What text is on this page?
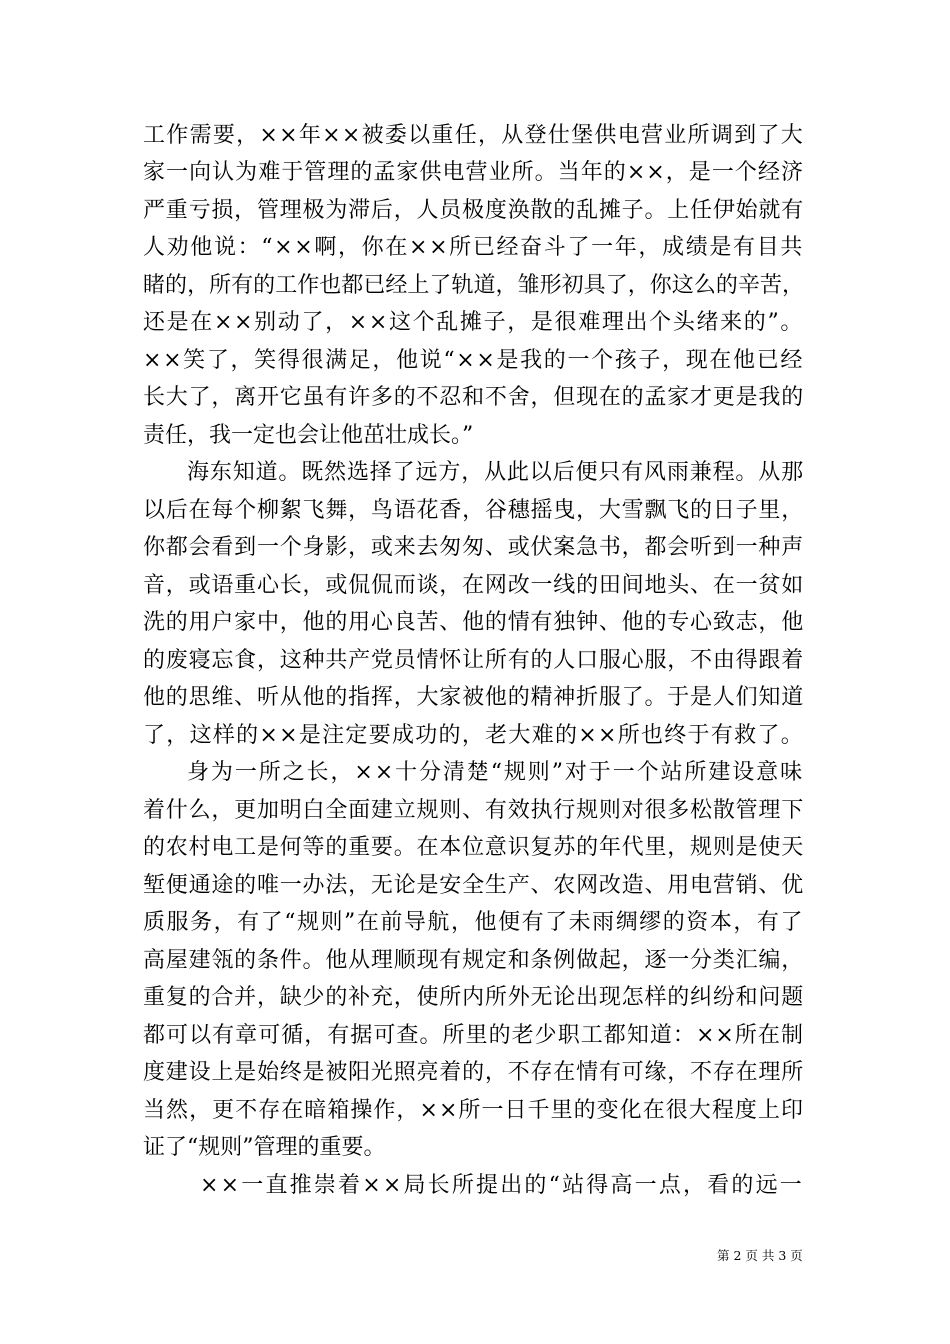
工作需要，××年××被委以重任，从登仕堡供电营业所调到了大
家一向认为难于管理的孟家供电营业所。当年的××，是一个经济
严重亏损，管理极为滞后，人员极度涣散的乱摊子。上任伊始就有
人劝他说：“××啊，你在××所已经奋斗了一年，成绩是有目共
睹的，所有的工作也都已经上了轨道，雏形初具了，你这么的辛苦，
还是在××别动了，××这个乱摊子，是很难理出个头绪来的”。
××笑了，笑得很满足，他说“××是我的一个孩子，现在他已经
长大了，离开它虽有许多的不忍和不舍，但现在的孟家才更是我的
责任，我一定也会让他茁壮成长。”
海东知道。既然选择了远方，从此以后便只有风雨兼程。从那
以后在每个柳絮飞舞，鸟语花香，谷穗摇曳，大雪飘飞的日子里，
你都会看到一个身影，或来去匆匆、或伏案急书，都会听到一种声
音，或语重心长，或侃侃而谈，在网改一线的田间地头、在一贫如
洗的用户家中，他的用心良苦、他的情有独钟、他的专心致志，他
的废寝忘食，这种共产党员情怀让所有的人口服心服，不由得跟着
他的思维、听从他的指挥，大家被他的精神折服了。于是人们知道
了，这样的××是注定要成功的，老大难的××所也终于有救了。
身为一所之长，××十分清楚“规则”对于一个站所建设意味
着什么，更加明白全面建立规则、有效执行规则对很多松散管理下
的农村电工是何等的重要。在本位意识复苏的年代里，规则是使天
堑便通途的唯一办法，无论是安全生产、农网改造、用电营销、优
质服务，有了“规则”在前导航，他便有了未雨绸缪的资本，有了
高屋建瓴的条件。他从理顺现有规定和条例做起，逐一分类汇编，
重复的合并，缺少的补充，使所内所外无论出现怎样的纠纷和问题
都可以有章可循，有据可查。所里的老少职工都知道：××所在制
度建设上是始终是被阳光照亮着的，不存在情有可缘，不存在理所
当然，更不存在暗箱操作，××所一日千里的变化在很大程度上印
证了“规则”管理的重要。
××一直推崇着××局长所提出的“站得高一点，看的远一
第 2 页 共 3 页
